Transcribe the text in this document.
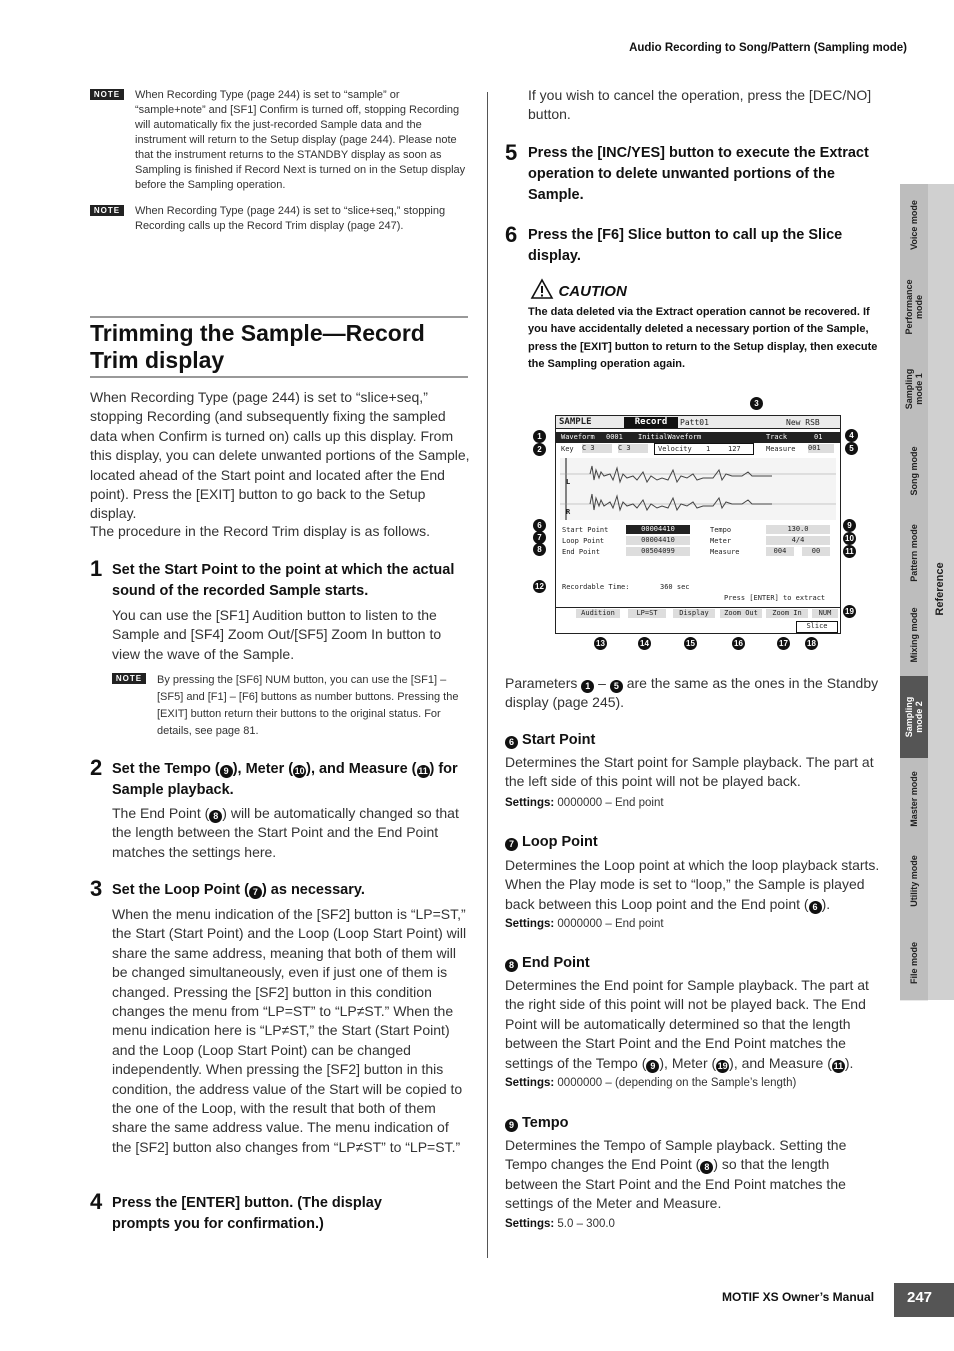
Audio Recording to Song/Pattern (Sampling mode)
NOTE	When Recording Type (page 244) is set to “sample” or “sample+note” and [SF1] Confirm is turned off, stopping Recording will automatically fix the just-recorded Sample data and the instrument will return to the Setup display (page 244). Please note that the instrument returns to the STANDBY display as soon as Sampling is finished if Record Next is turned on in the Setup display before the Sampling operation.
NOTE	When Recording Type (page 244) is set to “slice+seq,” stopping Recording calls up the Record Trim display (page 247).
Trimming the Sample—Record Trim display
When Recording Type (page 244) is set to “slice+seq,” stopping Recording (and subsequently fixing the sampled data when Confirm is turned on) calls up this display. From this display, you can delete unwanted portions of the Sample, located ahead of the Start point and located after the End point). Press the [EXIT] button to go back to the Setup display.
The procedure in the Record Trim display is as follows.
1 Set the Start Point to the point at which the actual sound of the recorded Sample starts.
You can use the [SF1] Audition button to listen to the Sample and [SF4] Zoom Out/[SF5] Zoom In button to view the wave of the Sample.
NOTE	By pressing the [SF6] NUM button, you can use the [SF1] – [SF5] and [F1] – [F6] buttons as number buttons. Pressing the [EXIT] button return their buttons to the original status. For details, see page 81.
2 Set the Tempo ( 9 ), Meter (10 ), and Measure ( 11 ) for Sample playback.
The End Point ( 8 ) will be automatically changed so that the length between the Start Point and the End Point matches the settings here.
3 Set the Loop Point ( 7 ) as necessary.
When the menu indication of the [SF2] button is “LP=ST,” the Start (Start Point) and the Loop (Loop Start Point) will share the same address, meaning that both of them will be changed simultaneously, even if just one of them is changed. Pressing the [SF2] button in this condition changes the menu from “LP=ST” to “LP≠ST.” When the menu indication here is “LP≠ST,” the Start (Start Point) and the Loop (Loop Start Point) can be changed independently. When pressing the [SF2] button in this condition, the address value of the Start will be copied to the one of the Loop, with the result that both of them share the same address value. The menu indication of the [SF2] button also changes from “LP≠ST” to “LP=ST.”
4 Press the [ENTER] button. (The display prompts you for confirmation.)
If you wish to cancel the operation, press the [DEC/NO] button.
5 Press the [INC/YES] button to execute the Extract operation to delete unwanted portions of the Sample.
6 Press the [F6] Slice button to call up the Slice display.
CAUTION
The data deleted via the Extract operation cannot be recovered. If you have accidentally deleted a necessary portion of the Sample, press the [EXIT] button to return to the Setup display, then execute the Sampling operation again.
SAMPLE	Record	Patt01	New RSB
Waveform 0001 InitialWaveform	Track	01
Key C 3	C 3	Velocity 1	127	Measure 001
L
R
Start Point	00004410
Loop Point	00004410
End Point	00504099
Tempo	130.0
Meter	4/4
Measure	004	00
Recordable Time:	360 sec
Press [ENTER] to extract
Audition	LP=ST	Display	Zoom Out	Zoom In	NUM
Slice
3
1
2
4
5
6
7
8
9
10
11
12
19
13	14	15	16	17 18
Parameters 1 – 5 are the same as the ones in the Standby display (page 245).
6 Start Point
Determines the Start point for Sample playback. The part at the left side of this point will not be played back.
Settings: 0000000 – End point
7 Loop Point
Determines the Loop point at which the loop playback starts. When the Play mode is set to “loop,” the Sample is played back between this Loop point and the End point ( 6 ).
Settings: 0000000 – End point
8 End Point
Determines the End point for Sample playback. The part at the right side of this point will not be played back. The End Point will be automatically determined so that the length between the Start Point and the End Point matches the settings of the Tempo ( 9 ), Meter (19 ), and Measure ( 11 ).
Settings: 0000000 – (depending on the Sample’s length)
9 Tempo
Determines the Tempo of Sample playback. Setting the Tempo changes the End Point ( 8 ) so that the length between the Start Point and the End Point matches the settings of the Meter and Measure.
Settings: 5.0 – 300.0
Voice mode
Performance mode
Sampling mode 1
Song mode
Pattern mode
Mixing mode
Sampling mode 2
Master mode
Utility mode
File mode
Reference
MOTIF XS Owner’s Manual	247
